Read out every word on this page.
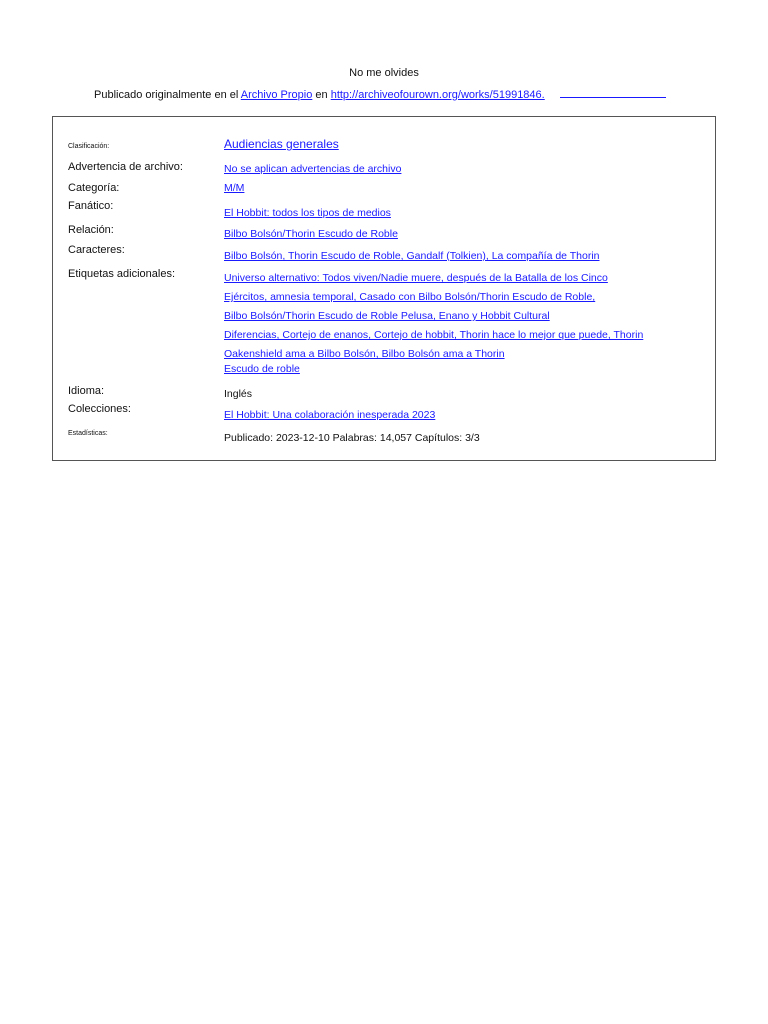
No me olvides
Publicado originalmente en el Archivo Propio en http://archiveofourown.org/works/51991846.
Clasificación:	Audiencias generales
Advertencia de archivo:	No se aplican advertencias de archivo
Categoría:	M/M
Fanático:
El Hobbit: todos los tipos de medios
Relación:	Bilbo Bolsón/Thorin Escudo de Roble
Caracteres:	Bilbo Bolsón, Thorin Escudo de Roble, Gandalf (Tolkien), La compañía de Thorin
Etiquetas adicionales:	Universo alternativo: Todos viven/Nadie muere, después de la Batalla de los Cinco
Ejércitos, amnesia temporal, Casado con Bilbo Bolsón/Thorin Escudo de Roble,
Bilbo Bolsón/Thorin Escudo de Roble Pelusa, Enano y Hobbit Cultural
Diferencias, Cortejo de enanos, Cortejo de hobbit, Thorin hace lo mejor que puede, Thorin
Oakenshield ama a Bilbo Bolsón, Bilbo Bolsón ama a Thorin
Escudo de roble
Idioma:	Inglés
Colecciones:	El Hobbit: Una colaboración inesperada 2023
Estadísticas:	Publicado: 2023-12-10 Palabras: 14,057 Capítulos: 3/3
